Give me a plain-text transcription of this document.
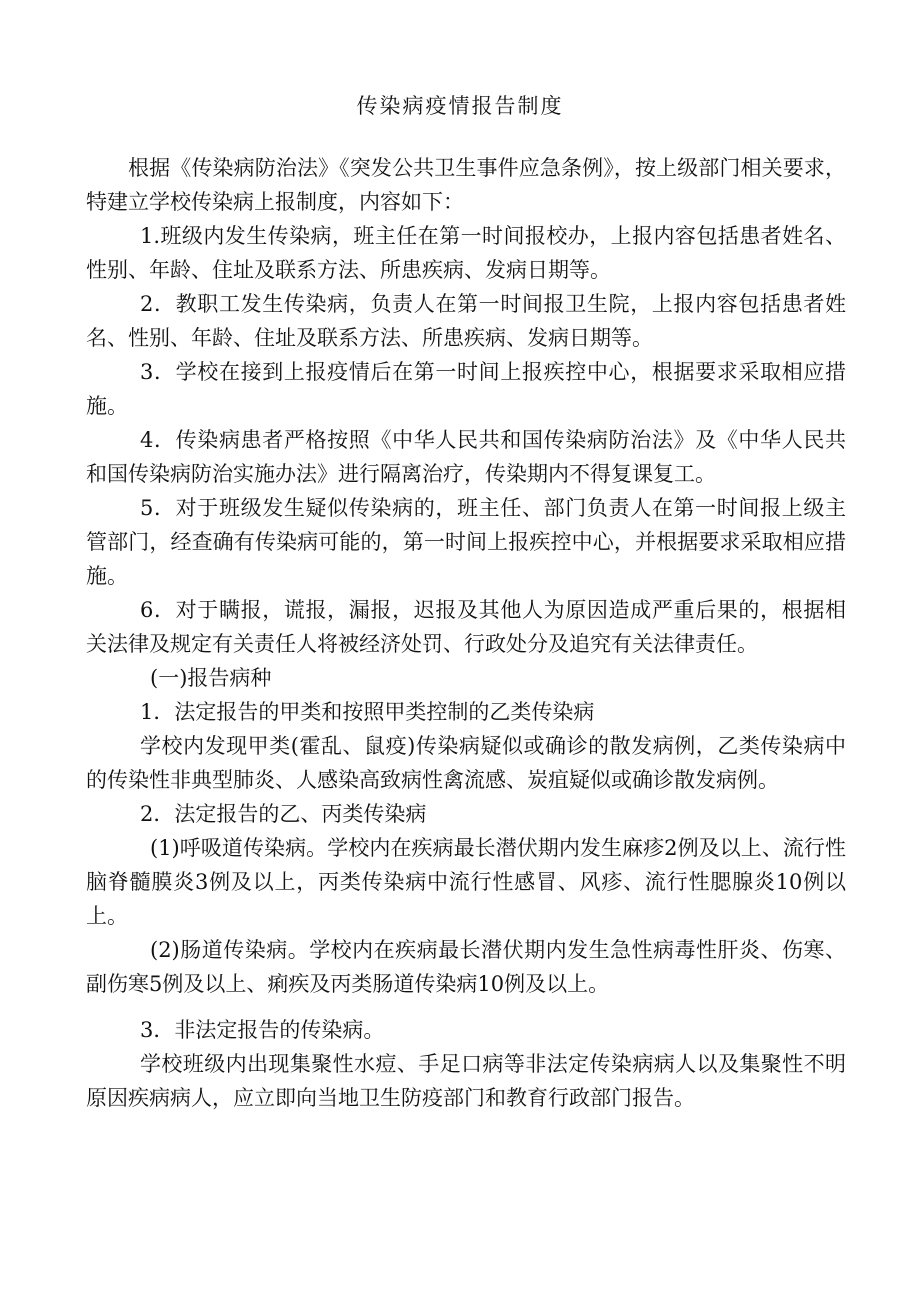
传染病疫情报告制度

根据《传染病防治法》《突发公共卫生事件应急条例》，按上级部门相关要求，特建立学校传染病上报制度，内容如下：

1.班级内发生传染病，班主任在第一时间报校办，上报内容包括患者姓名、性别、年龄、住址及联系方法、所患疾病、发病日期等。

2．教职工发生传染病，负责人在第一时间报卫生院，上报内容包括患者姓名、性别、年龄、住址及联系方法、所患疾病、发病日期等。

3．学校在接到上报疫情后在第一时间上报疾控中心，根据要求采取相应措施。

4．传染病患者严格按照《中华人民共和国传染病防治法》及《中华人民共和国传染病防治实施办法》进行隔离治疗，传染期内不得复课复工。

5．对于班级发生疑似传染病的，班主任、部门负责人在第一时间报上级主管部门，经查确有传染病可能的，第一时间上报疾控中心，并根据要求采取相应措施。

6．对于瞒报，谎报，漏报，迟报及其他人为原因造成严重后果的，根据相关法律及规定有关责任人将被经济处罚、行政处分及追究有关法律责任。

(一)报告病种

1．法定报告的甲类和按照甲类控制的乙类传染病

学校内发现甲类(霍乱、鼠疫)传染病疑似或确诊的散发病例，乙类传染病中的传染性非典型肺炎、人感染高致病性禽流感、炭疽疑似或确诊散发病例。

2．法定报告的乙、丙类传染病

(1)呼吸道传染病。学校内在疾病最长潜伏期内发生麻疹2例及以上、流行性脑脊髓膜炎3例及以上，丙类传染病中流行性感冒、风疹、流行性腮腺炎10例以上。

(2)肠道传染病。学校内在疾病最长潜伏期内发生急性病毒性肝炎、伤寒、副伤寒5例及以上、痢疾及丙类肠道传染病10例及以上。

3．非法定报告的传染病。

学校班级内出现集聚性水痘、手足口病等非法定传染病病人以及集聚性不明原因疾病病人，应立即向当地卫生防疫部门和教育行政部门报告。
